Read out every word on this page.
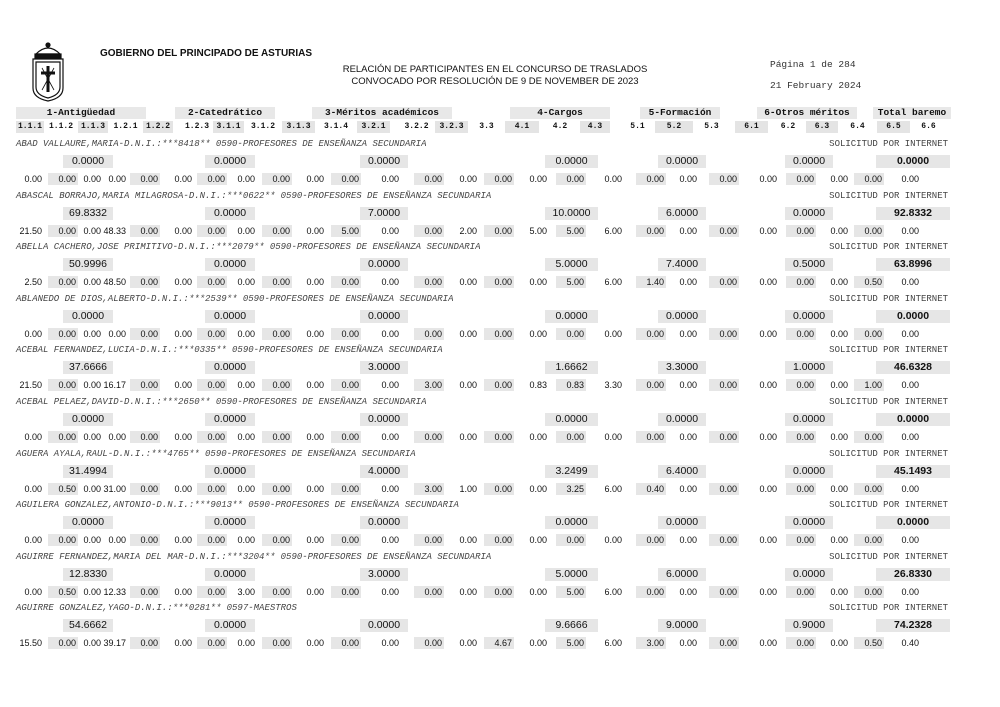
GOBIERNO DEL PRINCIPADO DE ASTURIAS
RELACIÓN DE PARTICIPANTES EN EL CONCURSO DE TRASLADOS
CONVOCADO POR RESOLUCIÓN DE 9 DE NOVEMBER DE 2023
Página 1 de 284
21 February 2024
1-Antigüedad	2-Catedrático	3-Méritos académicos	4-Cargos	5-Formación	6-Otros méritos	Total baremo
1.1.1 1.1.2 1.1.3	1.2.1	1.2.2	1.2.3 3.1.1	3.1.2	3.1.3	3.1.4	3.2.1	3.2.2	3.2.3	3.3	4.1	4.2	4.3	5.1	5.2	5.3	6.1	6.2	6.3	6.4	6.5	6.6
ABAD VALLAURE,MARIA-D.N.I.:***8418** 0590-PROFESORES DE ENSEÑANZA SECUNDARIA	SOLICITUD POR INTERNET
0.0000	0.0000	0.0000	0.0000	0.0000	0.0000	0.0000
0.00	0.00 0.00 0.00	0.00	0.00	0.00	0.00	0.00	0.00	0.00	0.00	0.00	0.00	0.00	0.00	0.00	0.00	0.00	0.00	0.00	0.00	0.00	0.00	0.00	0.00
ABASCAL BORRAJO,MARIA MILAGROSA-D.N.I.:***0622** 0590-PROFESORES DE ENSEÑANZA SECUNDARIA	SOLICITUD POR INTERNET
69.8332	0.0000	7.0000	10.0000	6.0000	0.0000	92.8332
21.50	0.00 0.00 48.33	0.00	0.00	0.00	0.00	0.00	0.00	5.00	0.00	0.00	2.00	0.00	5.00	5.00	6.00	0.00	0.00	0.00	0.00	0.00	0.00	0.00	0.00
ABELLA CACHERO,JOSE PRIMITIVO-D.N.I.:***2079** 0590-PROFESORES DE ENSEÑANZA SECUNDARIA	SOLICITUD POR INTERNET
50.9996	0.0000	0.0000	5.0000	7.4000	0.5000	63.8996
2.50	0.00 0.00 48.50	0.00	0.00	0.00	0.00	0.00	0.00	0.00	0.00	0.00	0.00	0.00	0.00	5.00	6.00	1.40	0.00	0.00	0.00	0.00	0.00	0.50	0.00
ABLANEDO DE DIOS,ALBERTO-D.N.I.:***2539** 0590-PROFESORES DE ENSEÑANZA SECUNDARIA	SOLICITUD POR INTERNET
0.0000	0.0000	0.0000	0.0000	0.0000	0.0000	0.0000
0.00	0.00 0.00 0.00	0.00	0.00	0.00	0.00	0.00	0.00	0.00	0.00	0.00	0.00	0.00	0.00	0.00	0.00	0.00	0.00	0.00	0.00	0.00	0.00	0.00	0.00
ACEBAL FERNANDEZ,LUCIA-D.N.I.:***0335** 0590-PROFESORES DE ENSEÑANZA SECUNDARIA	SOLICITUD POR INTERNET
37.6666	0.0000	3.0000	1.6662	3.3000	1.0000	46.6328
21.50	0.00 0.00 16.17	0.00	0.00	0.00	0.00	0.00	0.00	0.00	0.00	3.00	0.00	0.00	0.83	0.83	3.30	0.00	0.00	0.00	0.00	0.00	0.00	1.00	0.00
ACEBAL PELAEZ,DAVID-D.N.I.:***2650** 0590-PROFESORES DE ENSEÑANZA SECUNDARIA	SOLICITUD POR INTERNET
0.0000	0.0000	0.0000	0.0000	0.0000	0.0000	0.0000
0.00	0.00 0.00 0.00	0.00	0.00	0.00	0.00	0.00	0.00	0.00	0.00	0.00	0.00	0.00	0.00	0.00	0.00	0.00	0.00	0.00	0.00	0.00	0.00	0.00	0.00
AGUERA AYALA,RAUL-D.N.I.:***4765** 0590-PROFESORES DE ENSEÑANZA SECUNDARIA	SOLICITUD POR INTERNET
31.4994	0.0000	4.0000	3.2499	6.4000	0.0000	45.1493
0.00	0.50 0.00 31.00	0.00	0.00	0.00	0.00	0.00	0.00	0.00	0.00	3.00	1.00	0.00	0.00	3.25	6.00	0.40	0.00	0.00	0.00	0.00	0.00	0.00	0.00
AGUILERA GONZALEZ,ANTONIO-D.N.I.:***9013** 0590-PROFESORES DE ENSEÑANZA SECUNDARIA	SOLICITUD POR INTERNET
0.0000	0.0000	0.0000	0.0000	0.0000	0.0000	0.0000
0.00	0.00 0.00 0.00	0.00	0.00	0.00	0.00	0.00	0.00	0.00	0.00	0.00	0.00	0.00	0.00	0.00	0.00	0.00	0.00	0.00	0.00	0.00	0.00	0.00	0.00
AGUIRRE FERNANDEZ,MARIA DEL MAR-D.N.I.:***3204** 0590-PROFESORES DE ENSEÑANZA SECUNDARIA	SOLICITUD POR INTERNET
12.8330	0.0000	3.0000	5.0000	6.0000	0.0000	26.8330
0.00	0.50 0.00 12.33	0.00	0.00	0.00	3.00	0.00	0.00	0.00	0.00	0.00	0.00	0.00	0.00	5.00	6.00	0.00	0.00	0.00	0.00	0.00	0.00	0.00	0.00
AGUIRRE GONZALEZ,YAGO-D.N.I.:***0281** 0597-MAESTROS	SOLICITUD POR INTERNET
54.6662	0.0000	0.0000	9.6666	9.0000	0.9000	74.2328
15.50	0.00 0.00 39.17	0.00	0.00	0.00	0.00	0.00	0.00	0.00	0.00	0.00	0.00	4.67	0.00	5.00	6.00	3.00	0.00	0.00	0.00	0.00	0.00	0.50	0.40
